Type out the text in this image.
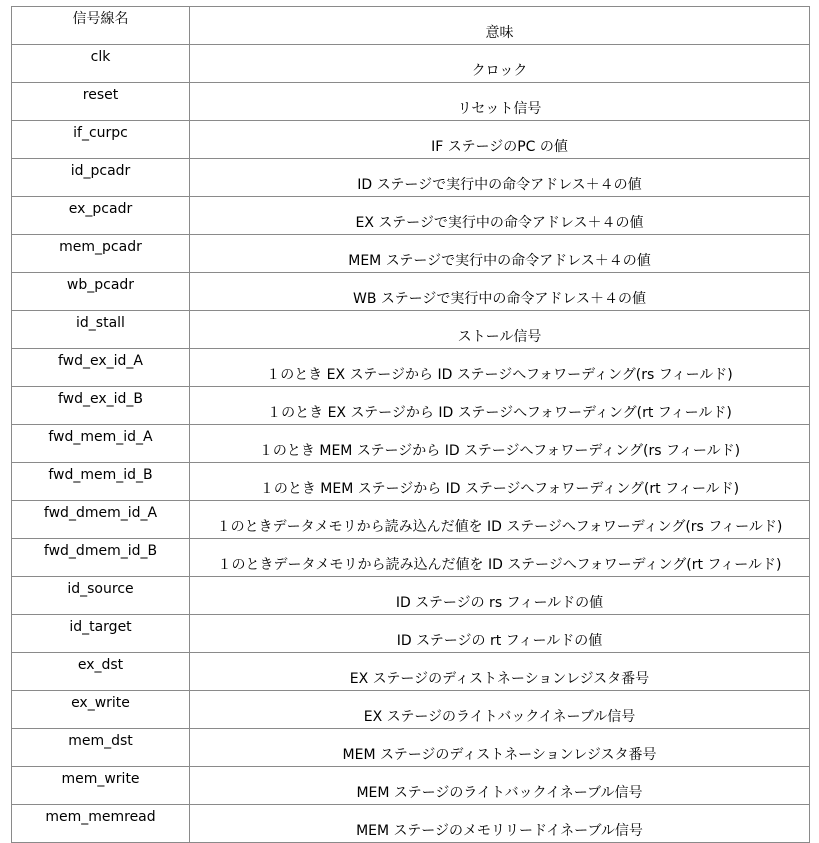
信号線名	意味
clk	クロック
reset	リセット信号
if_curpc	IF ステージのPC の値
id_pcadr	ID ステージで実行中の命令アドレス＋４の値
ex_pcadr	EX ステージで実行中の命令アドレス＋４の値
mem_pcadr	MEM ステージで実行中の命令アドレス＋４の値
wb_pcadr	WB ステージで実行中の命令アドレス＋４の値
id_stall	ストール信号
fwd_ex_id_A	１のとき EX ステージから ID ステージへフォワーディング(rs フィールド)
fwd_ex_id_B	１のとき EX ステージから ID ステージへフォワーディング(rt フィールド)
fwd_mem_id_A	１のとき MEM ステージから ID ステージへフォワーディング(rs フィールド)
fwd_mem_id_B	１のとき MEM ステージから ID ステージへフォワーディング(rt フィールド)
fwd_dmem_id_A	１のときデータメモリから読み込んだ値を ID ステージへフォワーディング(rs フィールド)
fwd_dmem_id_B	１のときデータメモリから読み込んだ値を ID ステージへフォワーディング(rt フィールド)
id_source	ID ステージの rs フィールドの値
id_target	ID ステージの rt フィールドの値
ex_dst	EX ステージのディストネーションレジスタ番号
ex_write	EX ステージのライトバックイネーブル信号
mem_dst	MEM ステージのディストネーションレジスタ番号
mem_write	MEM ステージのライトバックイネーブル信号
mem_memread	MEM ステージのメモリリードイネーブル信号
